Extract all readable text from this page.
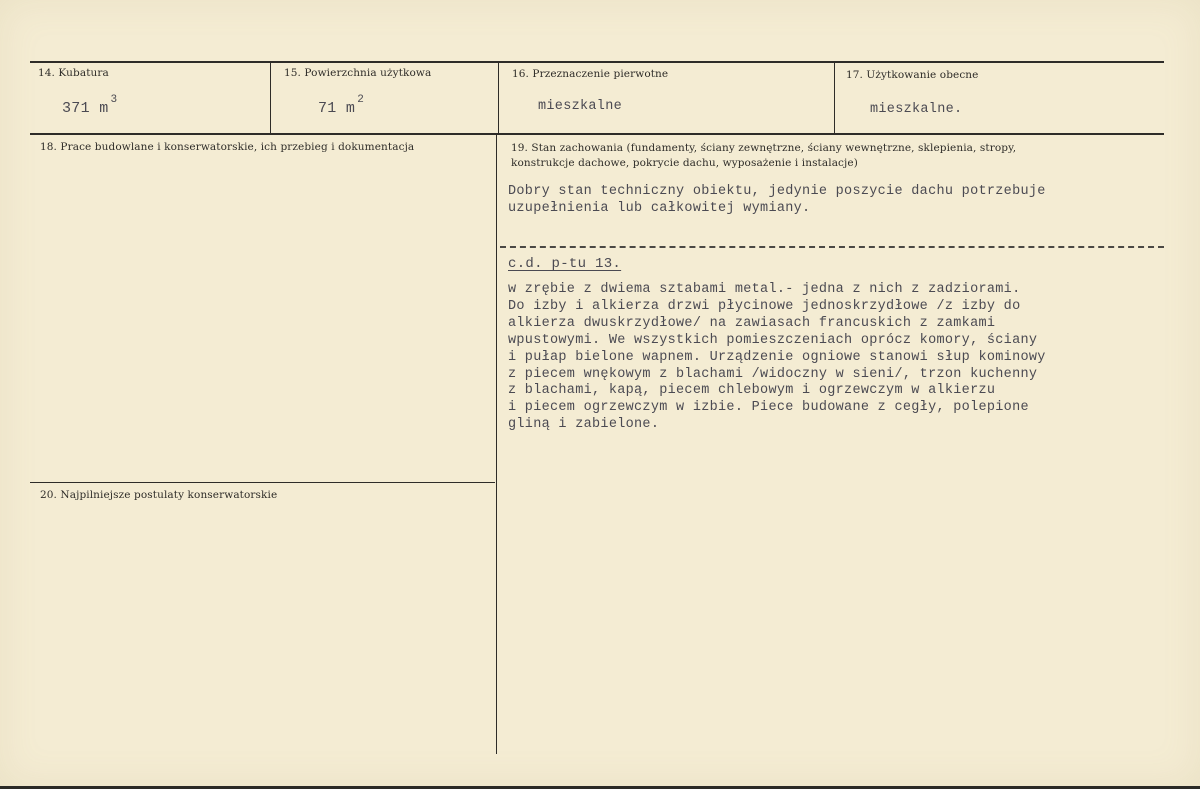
14. Kubatura
371 m $^3$
15. Powierzchnia użytkowa
71 m $^2$
16. Przeznaczenie pierwotne
mieszkalne
17. Użytkowanie obecne
mieszkalne.
18. Prace budowlane i konserwatorskie, ich przebieg i dokumentacja	19. Stan zachowania (fundamenty, ściany zewnętrzne, ściany wewnętrzne, sklepienia, stropy,
konstrukcje dachowe, pokrycie dachu, wyposażenie i instalacje)
Dobry stan techniczny obiektu, jedynie poszycie dachu potrzebuje
uzupełnienia lub całkowitej wymiany.
c.d. p-tu 13.
w zrębie z dwiema sztabami metal.- jedna z nich z zadziorami.
Do izby i alkierza drzwi płycinowe jednoskrzydłowe /z izby do
alkierza dwuskrzydłowe/ na zawiasach francuskich z zamkami
wpustowymi. We wszystkich pomieszczeniach oprócz komory, ściany
i pułap bielone wapnem. Urządzenie ogniowe stanowi słup kominowy
z piecem wnękowym z blachami /widoczny w sieni/, trzon kuchenny
z blachami, kapą, piecem chlebowym i ogrzewczym w alkierzu
i piecem ogrzewczym w izbie. Piece budowane z cegły, polepione
gliną i zabielone.
20. Najpilniejsze postulaty konserwatorskie
